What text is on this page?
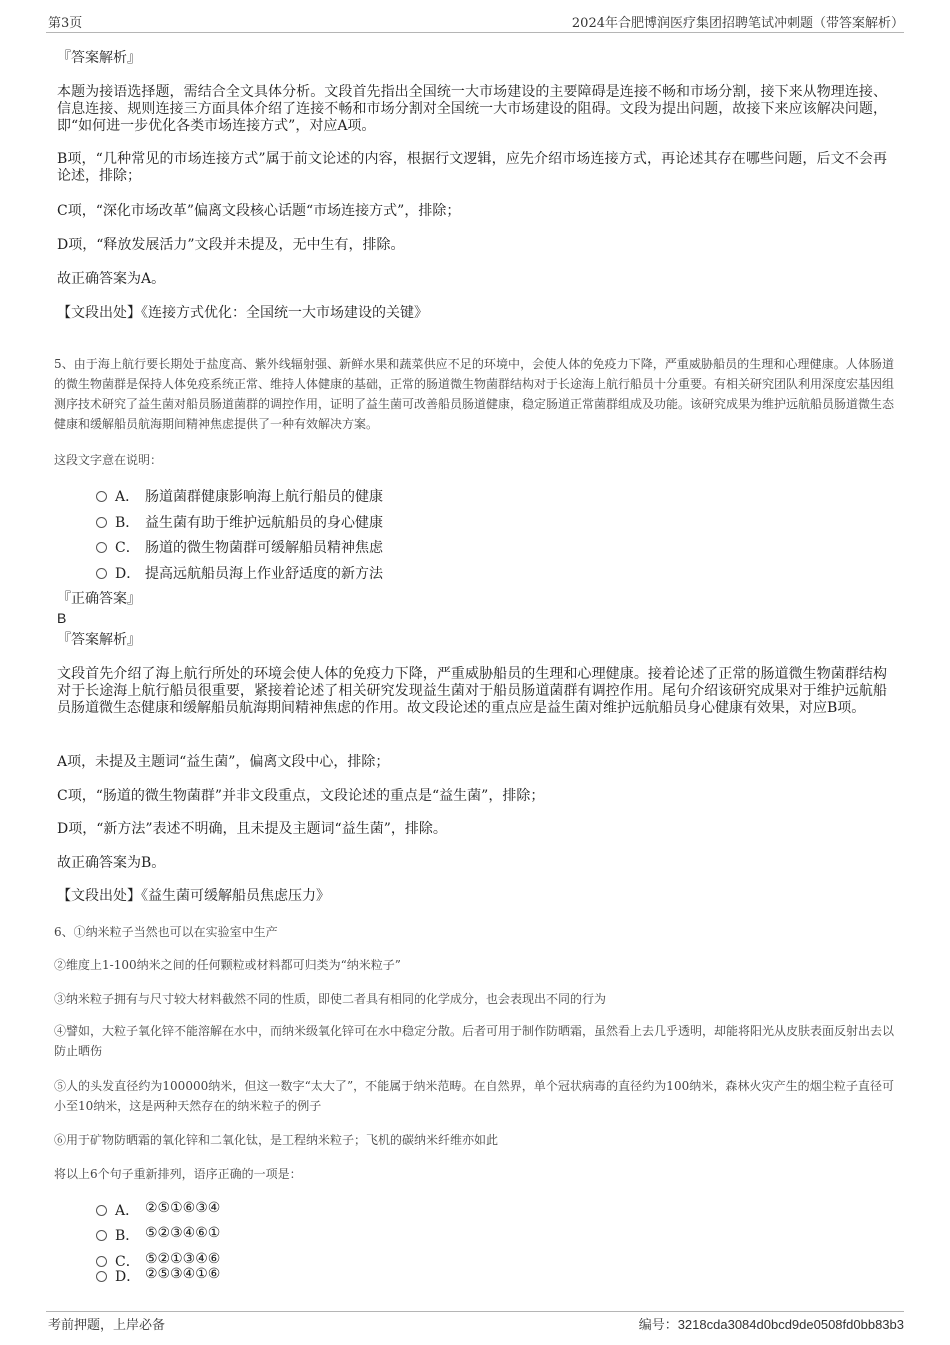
第3页	2024年合肥博润医疗集团招聘笔试冲刺题（带答案解析）
『答案解析』
本题为接语选择题，需结合全文具体分析。文段首先指出全国统一大市场建设的主要障碍是连接不畅和市场分割，接下来从物理连接、信息连接、规则连接三方面具体介绍了连接不畅和市场分割对全国统一大市场建设的阻碍。文段为提出问题，故接下来应该解决问题，即“如何进一步优化各类市场连接方式”，对应A项。
B项，“几种常见的市场连接方式”属于前文论述的内容，根据行文逻辑，应先介绍市场连接方式，再论述其存在哪些问题，后文不会再论述，排除；
C项，“深化市场改革”偏离文段核心话题“市场连接方式”，排除；
D项，“释放发展活力”文段并未提及，无中生有，排除。
故正确答案为A。
【文段出处】《连接方式优化：全国统一大市场建设的关键》
5、由于海上航行要长期处于盐度高、紫外线辐射强、新鲜水果和蔬菜供应不足的环境中，会使人体的免疫力下降，严重威胁船员的生理和心理健康。人体肠道的微生物菌群是保持人体免疫系统正常、维持人体健康的基础，正常的肠道微生物菌群结构对于长途海上航行船员十分重要。有相关研究团队利用深度宏基因组测序技术研究了益生菌对船员肠道菌群的调控作用，证明了益生菌可改善船员肠道健康，稳定肠道正常菌群组成及功能。该研究成果为维护远航船员肠道微生态健康和缓解船员航海期间精神焦虑提供了一种有效解决方案。
这段文字意在说明：
A． 肠道菌群健康影响海上航行船员的健康
B． 益生菌有助于维护远航船员的身心健康
C． 肠道的微生物菌群可缓解船员精神焦虑
D． 提高远航船员海上作业舒适度的新方法
『正确答案』
B
『答案解析』
文段首先介绍了海上航行所处的环境会使人体的免疫力下降，严重威胁船员的生理和心理健康。接着论述了正常的肠道微生物菌群结构对于长途海上航行船员很重要，紧接着论述了相关研究发现益生菌对于船员肠道菌群有调控作用。尾句介绍该研究成果对于维护远航船员肠道微生态健康和缓解船员航海期间精神焦虑的作用。故文段论述的重点应是益生菌对维护远航船员身心健康有效果，对应B项。
A项，未提及主题词“益生菌”，偏离文段中心，排除；
C项，“肠道的微生物菌群”并非文段重点，文段论述的重点是“益生菌”，排除；
D项，“新方法”表述不明确，且未提及主题词“益生菌”，排除。
故正确答案为B。
【文段出处】《益生菌可缓解船员焦虑压力》
6、①纳米粒子当然也可以在实验室中生产
②维度上1-100纳米之间的任何颗粒或材料都可归类为“纳米粒子”
③纳米粒子拥有与尺寸较大材料截然不同的性质，即使二者具有相同的化学成分，也会表现出不同的行为
④譬如，大粒子氧化锌不能溶解在水中，而纳米级氧化锌可在水中稳定分散。后者可用于制作防晒霜，虽然看上去几乎透明，却能将阳光从皮肤表面反射出去以防止晒伤
⑤人的头发直径约为100000纳米，但这一数字“太大了”，不能属于纳米范畴。在自然界，单个冠状病毒的直径约为100纳米，森林火灾产生的烟尘粒子直径可小至10纳米，这是两种天然存在的纳米粒子的例子
⑥用于矿物防晒霜的氧化锌和二氧化钛，是工程纳米粒子；飞机的碳纳米纤维亦如此
将以上6个句子重新排列，语序正确的一项是：
A． ②⑤①⑥③④
B． ⑤②③④⑥①
C． ⑤②①③④⑥
D． ②⑤③④①⑥
考前押题，上岸必备	编号：3218cda3084d0bcd9de0508fd0bb83b3
